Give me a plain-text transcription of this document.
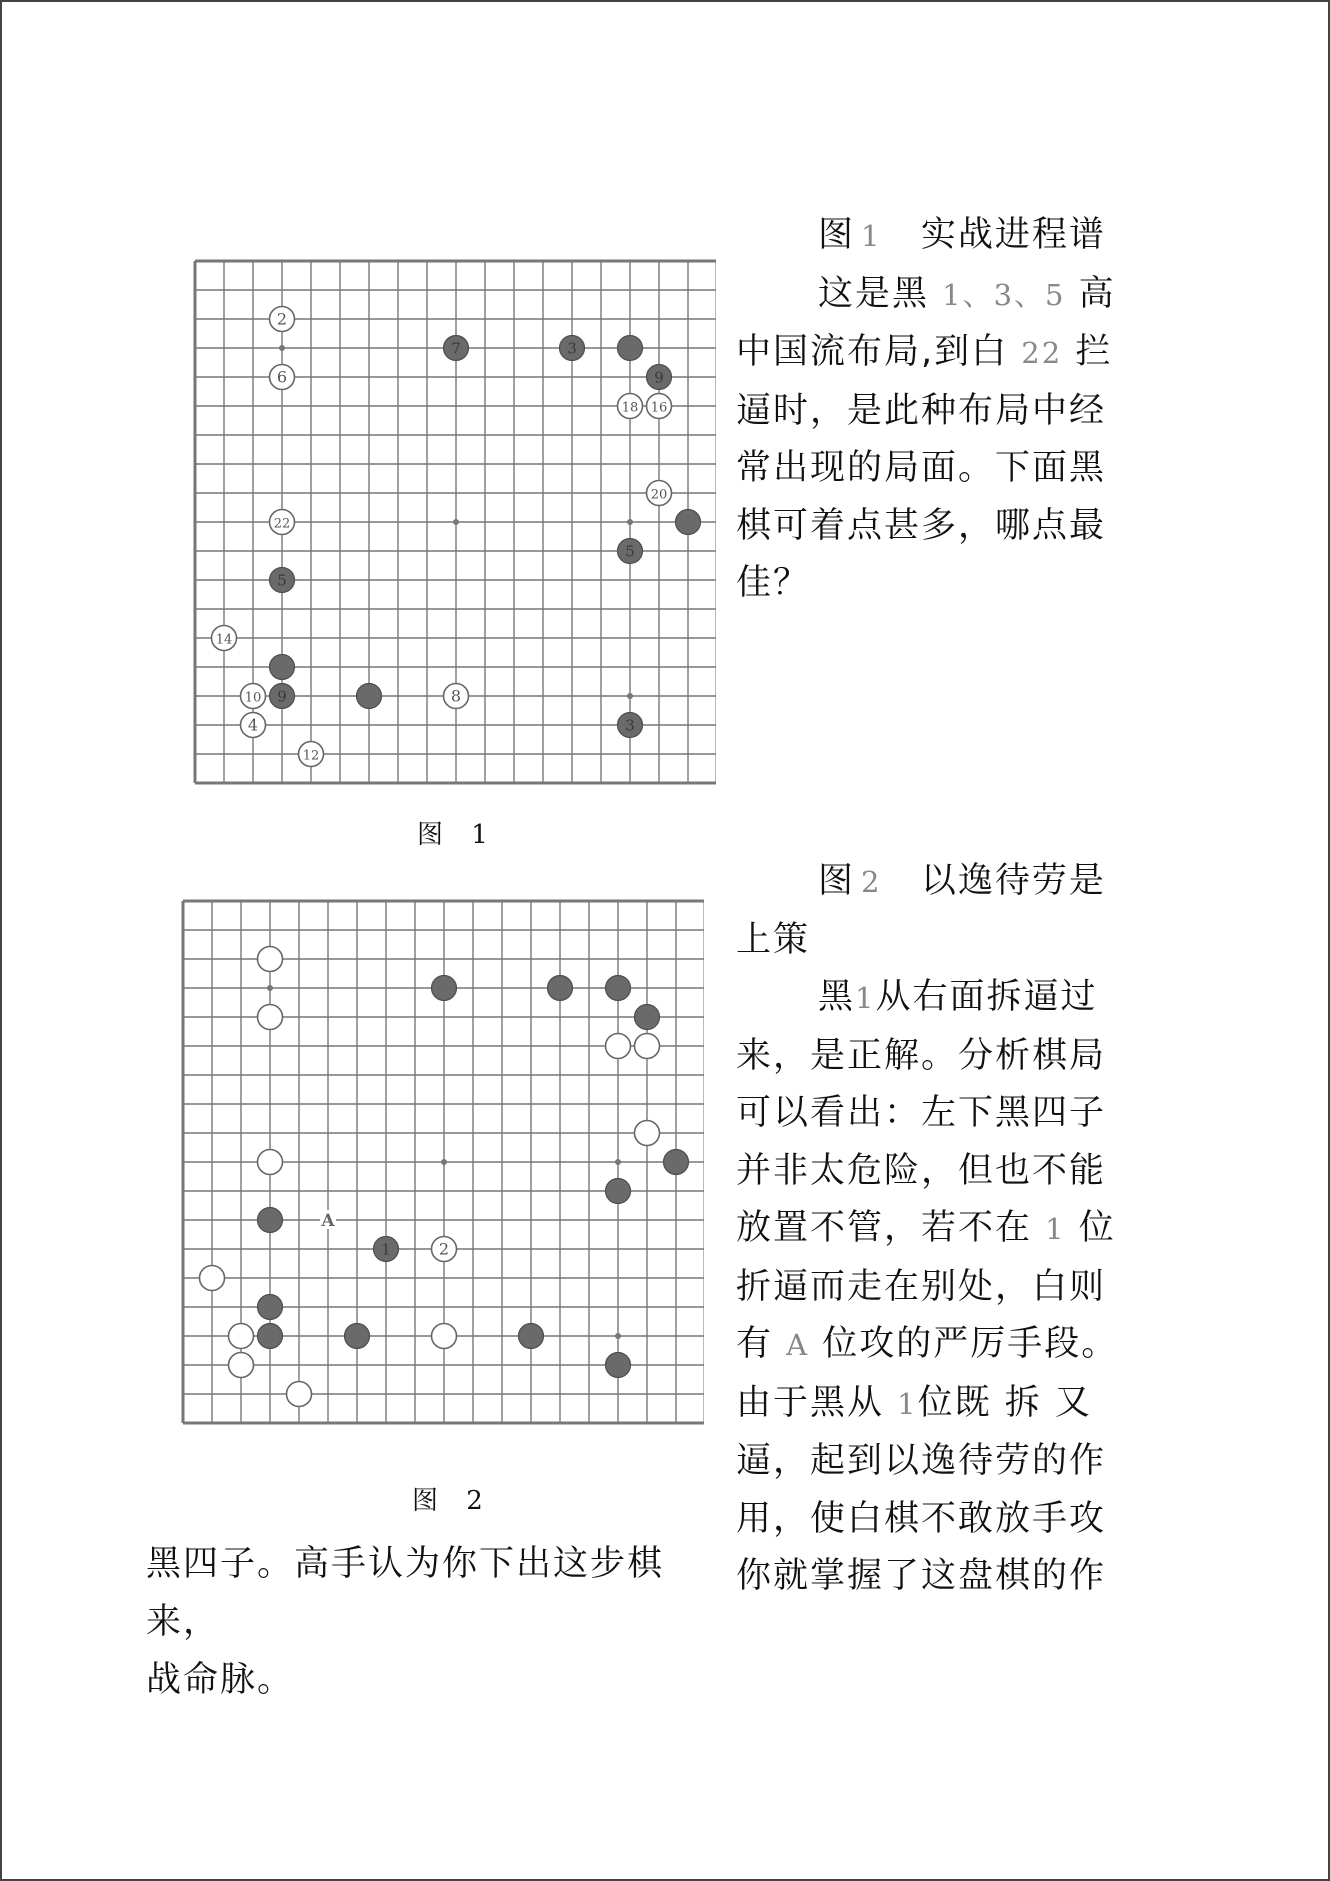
2
6
18 16
20
22
14
10	8
4
12
7	3
9
5
5
9
3
图 1
2
1
A
图 2

图1 实战进程谱

这是黑 1、3、5 高中国流布局,到白 22 拦逼时，是此种布局中经常出现的局面。下面黑棋可着点甚多，哪点最佳？

图2 以逸待劳是上策

黑1从右面拆逼过来，是正解。分析棋局可以看出：左下黑四子并非太危险，但也不能放置不管，若不在 1 位折逼而走在别处，白则有 A 位攻的严厉手段。由于黑从 1位既 拆 又逼，起到以逸待劳的作用，使白棋不敢放手攻你就掌握了这盘棋的作

黑四子。高手认为你下出这步棋来，

战命脉。
